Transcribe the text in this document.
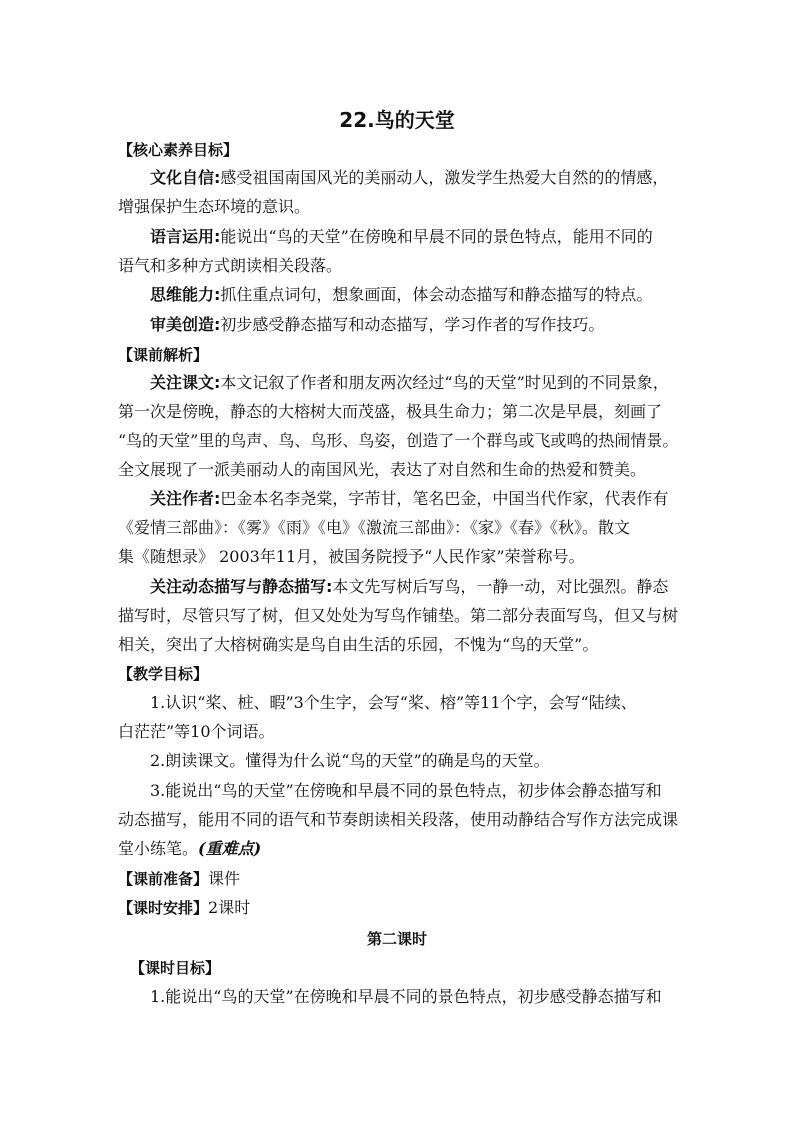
22.鸟的天堂
【核心素养目标】
文化自信:感受祖国南国风光的美丽动人，激发学生热爱大自然的的情感，
增强保护生态环境的意识。
语言运用:能说出“鸟的天堂”在傍晚和早晨不同的景色特点，能用不同的
语气和多种方式朗读相关段落。
思维能力:抓住重点词句，想象画面，体会动态描写和静态描写的特点。
审美创造:初步感受静态描写和动态描写，学习作者的写作技巧。
【课前解析】
关注课文:本文记叙了作者和朋友两次经过“鸟的天堂”时见到的不同景象，
第一次是傍晚，静态的大榕树大而茂盛，极具生命力；第二次是早晨，刻画了
“鸟的天堂”里的鸟声、鸟、鸟形、鸟姿，创造了一个群鸟或飞或鸣的热闹情景。
全文展现了一派美丽动人的南国风光，表达了对自然和生命的热爱和赞美。
关注作者:巴金本名李尧棠，字芾甘，笔名巴金，中国当代作家，代表作有
《爱情三部曲》：《雾》《雨》《电》《激流三部曲》：《家》《春》《秋》。散文
集《随想录》 2003年11月，被国务院授予“人民作家”荣誉称号。
关注动态描写与静态描写:本文先写树后写鸟，一静一动，对比强烈。静态
描写时，尽管只写了树，但又处处为写鸟作铺垫。第二部分表面写鸟，但又与树
相关，突出了大榕树确实是鸟自由生活的乐园，不愧为“鸟的天堂”。
【教学目标】
1.认识“桨、桩、暇”3个生字，会写“桨、榕”等11个字，会写“陆续、
白茫茫”等10个词语。
2.朗读课文。懂得为什么说“鸟的天堂”的确是鸟的天堂。
3.能说出“鸟的天堂”在傍晚和早晨不同的景色特点，初步体会静态描写和
动态描写，能用不同的语气和节奏朗读相关段落，使用动静结合写作方法完成课
堂小练笔。(重难点)
【课前准备】课件
【课时安排】2课时
第二课时
【课时目标】
1.能说出“鸟的天堂”在傍晚和早晨不同的景色特点，初步感受静态描写和
